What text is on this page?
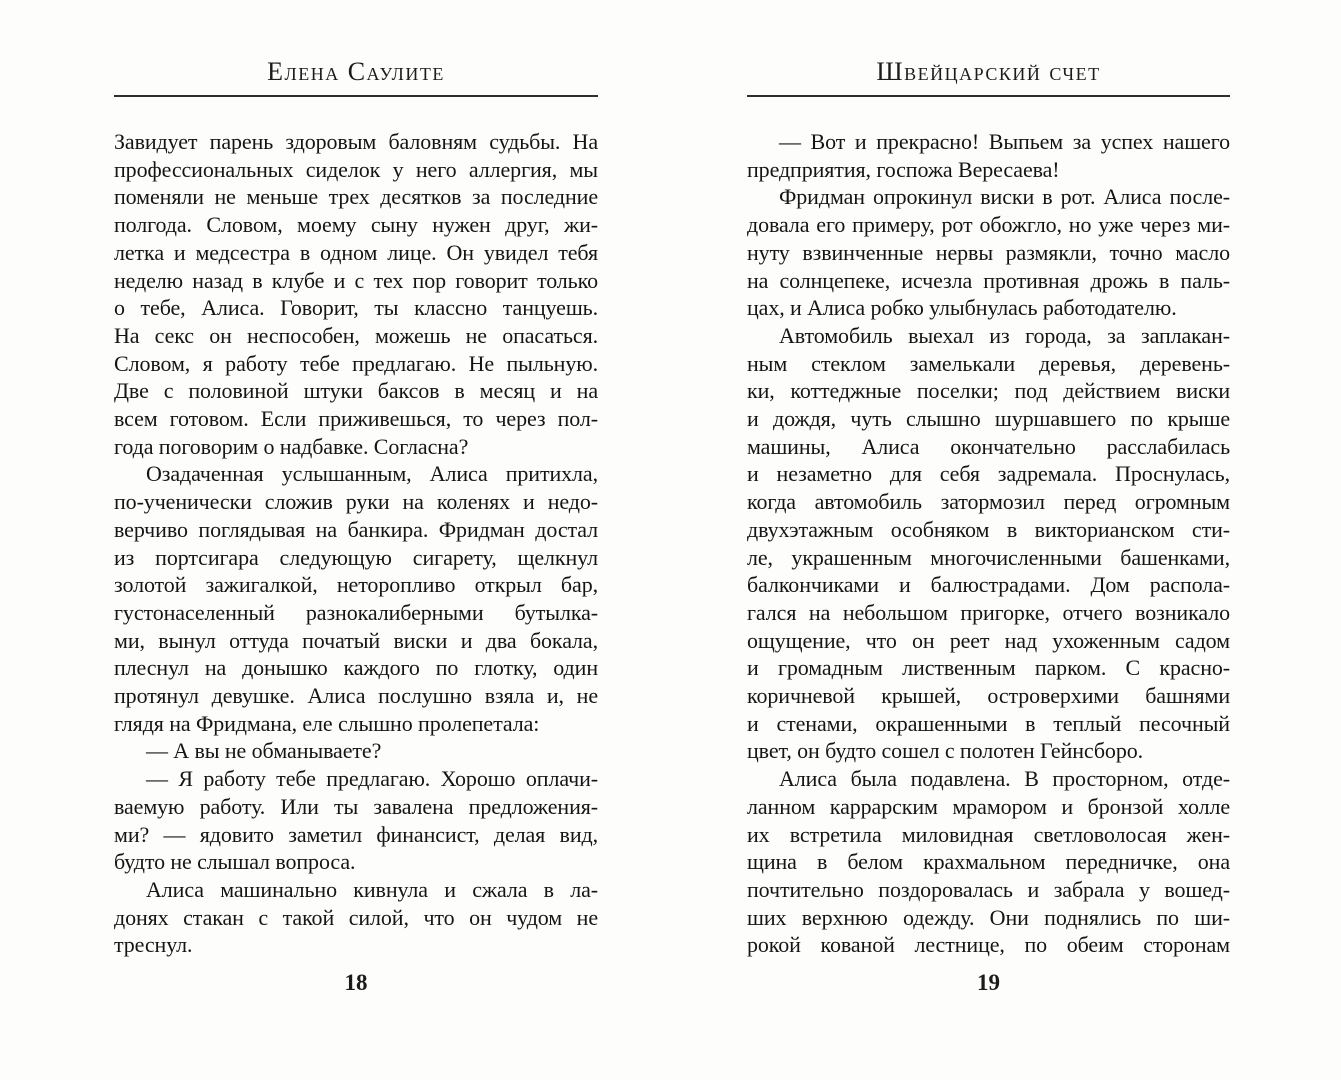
Елена Саулите
Завидует парень здоровым баловням судьбы. На
профессиональных сиделок у него аллергия, мы
поменяли не меньше трех десятков за последние
полгода. Словом, моему сыну нужен друг, жи-
летка и медсестра в одном лице. Он увидел тебя
неделю назад в клубе и с тех пор говорит только
о тебе, Алиса. Говорит, ты классно танцуешь.
На секс он неспособен, можешь не опасаться.
Словом, я работу тебе предлагаю. Не пыльную.
Две с половиной штуки баксов в месяц и на
всем готовом. Если приживешься, то через пол-
года поговорим о надбавке. Согласна?
Озадаченная услышанным, Алиса притихла,
по-ученически сложив руки на коленях и недо-
верчиво поглядывая на банкира. Фридман достал
из портсигара следующую сигарету, щелкнул
золотой зажигалкой, неторопливо открыл бар,
густонаселенный разнокалиберными бутылка-
ми, вынул оттуда початый виски и два бокала,
плеснул на донышко каждого по глотку, один
протянул девушке. Алиса послушно взяла и, не
глядя на Фридмана, еле слышно пролепетала:
— А вы не обманываете?
— Я работу тебе предлагаю. Хорошо оплачи-
ваемую работу. Или ты завалена предложения-
ми? — ядовито заметил финансист, делая вид,
будто не слышал вопроса.
Алиса машинально кивнула и сжала в ла-
донях стакан с такой силой, что он чудом не
треснул.
18
Швейцарский счет
— Вот и прекрасно! Выпьем за успех нашего
предприятия, госпожа Вересаева!
Фридман опрокинул виски в рот. Алиса после-
довала его примеру, рот обожгло, но уже через ми-
нуту взвинченные нервы размякли, точно масло
на солнцепеке, исчезла противная дрожь в паль-
цах, и Алиса робко улыбнулась работодателю.
Автомобиль выехал из города, за заплакан-
ным стеклом замелькали деревья, деревень-
ки, коттеджные поселки; под действием виски
и дождя, чуть слышно шуршавшего по крыше
машины, Алиса окончательно расслабилась
и незаметно для себя задремала. Проснулась,
когда автомобиль затормозил перед огромным
двухэтажным особняком в викторианском сти-
ле, украшенным многочисленными башенками,
балкончиками и балюстрадами. Дом распола-
гался на небольшом пригорке, отчего возникало
ощущение, что он реет над ухоженным садом
и громадным лиственным парком. С красно-
коричневой крышей, островерхими башнями
и стенами, окрашенными в теплый песочный
цвет, он будто сошел с полотен Гейнсборо.
Алиса была подавлена. В просторном, отде-
ланном каррарским мрамором и бронзой холле
их встретила миловидная светловолосая жен-
щина в белом крахмальном передничке, она
почтительно поздоровалась и забрала у вошед-
ших верхнюю одежду. Они поднялись по ши-
рокой кованой лестнице, по обеим сторонам
19
